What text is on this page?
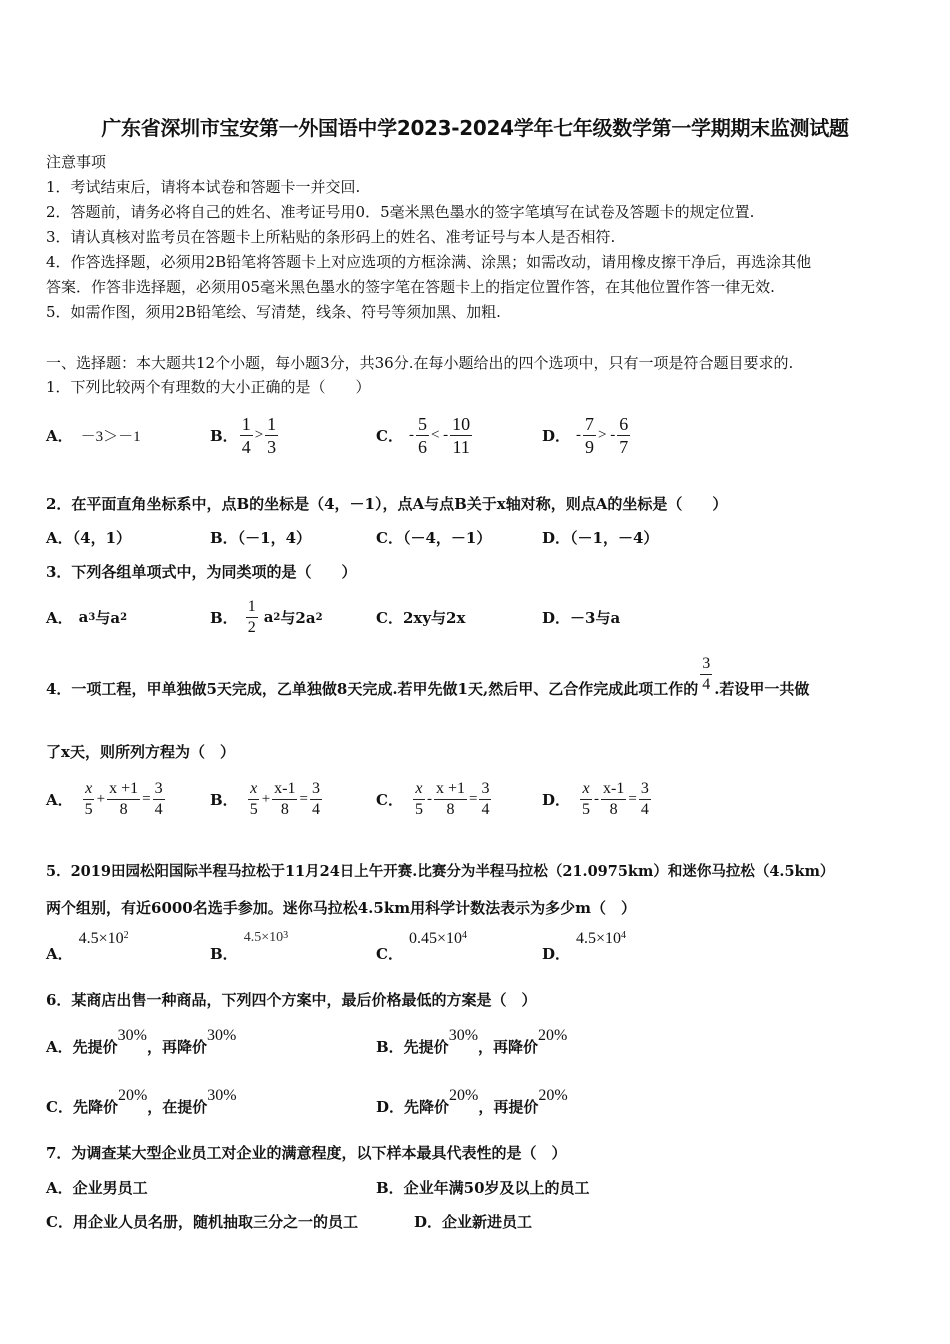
广东省深圳市宝安第一外国语中学2023-2024学年七年级数学第一学期期末监测试题
注意事项
1．考试结束后，请将本试卷和答题卡一并交回.
2．答题前，请务必将自己的姓名、准考证号用0．5毫米黑色墨水的签字笔填写在试卷及答题卡的规定位置.
3．请认真核对监考员在答题卡上所粘贴的条形码上的姓名、准考证号与本人是否相符.
4．作答选择题，必须用2B铅笔将答题卡上对应选项的方框涂满、涂黑；如需改动，请用橡皮擦干净后，再选涂其他
答案．作答非选择题，必须用05毫米黑色墨水的签字笔在答题卡上的指定位置作答，在其他位置作答一律无效.
5．如需作图，须用2B铅笔绘、写清楚，线条、符号等须加黑、加粗.
一、选择题：本大题共12个小题，每小题3分，共36分.在每小题给出的四个选项中，只有一项是符合题目要求的.
1．下列比较两个有理数的大小正确的是（　　）
A． －3＞－1	B． $\frac{1}{4} > \frac{1}{3}$	C． - $\frac{5}{6}$ < - $\frac{10}{11}$	D． - $\frac{7}{9}$ > - $\frac{6}{7}$
2．在平面直角坐标系中，点B的坐标是（4，－1），点A与点B关于x轴对称，则点A的坐标是（　　）
A．（4，1）	B．（－1，4）	C．（－4，－1）	D．（－1，－4）
3．下列各组单项式中，为同类项的是（　　）
A． a 3 与a 2	B． $\frac{1}{2}$ a 2 与2a 2	C．2xy与2x	D．－3与a
4．一项工程，甲单独做5天完成，乙单独做8天完成.若甲先做1天,然后甲、乙合作完成此项工作的 $\frac{3}{4}$ .若设甲一共做
了x天，则所列方程为（　）
A． $\frac{x}{5} + \frac{x +1}{8} = \frac{3}{4}$	B． $\frac{x}{5} + \frac{x-1}{8} = \frac{3}{4}$	C． $\frac{x}{5} - \frac{x +1}{8} = \frac{3}{4}$	D． $\frac{x}{5} - \frac{x-1}{8} = \frac{3}{4}$
5．2019田园松阳国际半程马拉松于11月24日上午开赛.比赛分为半程马拉松（21.0975km）和迷你马拉松（4.5km）
两个组别，有近6000名选手参加。迷你马拉松4.5km用科学计数法表示为多少m（　）
A．
4.5×10 2
B．
4.5×10 3
C．
0.45×10 4
D．
4.5×10 4
6．某商店出售一种商品，下列四个方案中，最后价格最低的方案是（　）
A．先提价30%，再降价30%
B．先提价30%，再降价20%
C．先降价20%，在提价30%
D．先降价20%，再提价20%
7．为调查某大型企业员工对企业的满意程度，以下样本最具代表性的是（　）
A．企业男员工	B．企业年满50岁及以上的员工
C．用企业人员名册，随机抽取三分之一的员工	D．企业新进员工
